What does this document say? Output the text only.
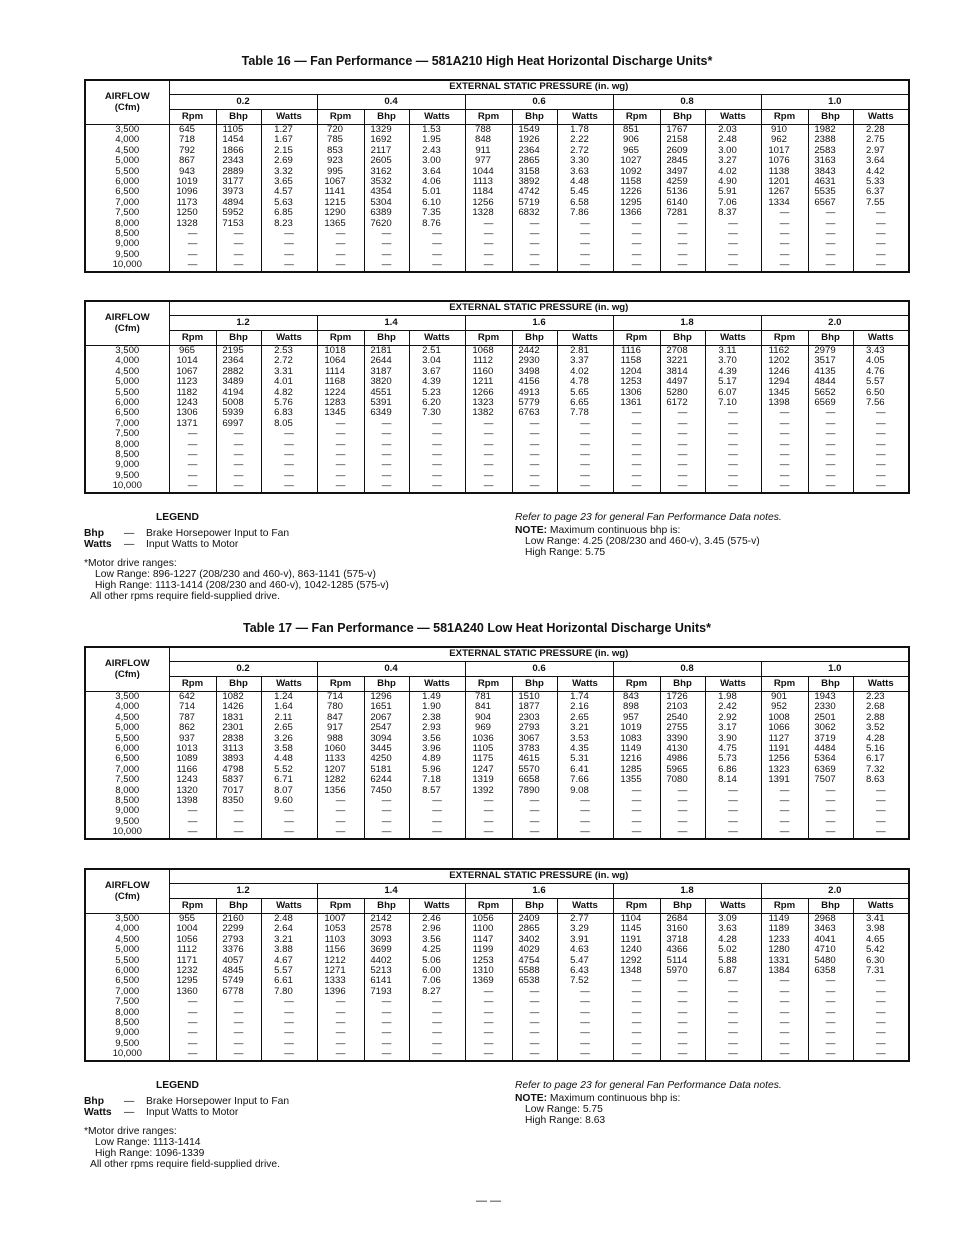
Table 16 — Fan Performance — 581A210 High Heat Horizontal Discharge Units*
AIRFLOW
(Cfm)	EXTERNAL STATIC PRESSURE (in. wg)														
	0.2			0.4			0.6			0.8			1.0		
	Rpm	Bhp	Watts	Rpm	Bhp	Watts	Rpm	Bhp	Watts	Rpm	Bhp	Watts	Rpm	Bhp	Watts
3,500	645	1105	1.27	720	1329	1.53	788	1549	1.78	851	1767	2.03	910	1982	2.28
4,000	718	1454	1.67	785	1692	1.95	848	1926	2.22	906	2158	2.48	962	2388	2.75
4,500	792	1866	2.15	853	2117	2.43	911	2364	2.72	965	2609	3.00	1017	2583	2.97
5,000	867	2343	2.69	923	2605	3.00	977	2865	3.30	1027	2845	3.27	1076	3163	3.64
5,500	943	2889	3.32	995	3162	3.64	1044	3158	3.63	1092	3497	4.02	1138	3843	4.42
6,000	1019	3177	3.65	1067	3532	4.06	1113	3892	4.48	1158	4259	4.90	1201	4631	5.33
6,500	1096	3973	4.57	1141	4354	5.01	1184	4742	5.45	1226	5136	5.91	1267	5535	6.37
7,000	1173	4894	5.63	1215	5304	6.10	1256	5719	6.58	1295	6140	7.06	1334	6567	7.55
7,500	1250	5952	6.85	1290	6389	7.35	1328	6832	7.86	1366	7281	8.37	—	—	—
8,000	1328	7153	8.23	1365	7620	8.76	—	—	—	—	—	—	—	—	—
8,500	—	—	—	—	—	—	—	—	—	—	—	—	—	—	—
9,000	—	—	—	—	—	—	—	—	—	—	—	—	—	—	—
9,500	—	—	—	—	—	—	—	—	—	—	—	—	—	—	—
10,000	—	—	—	—	—	—	—	—	—	—	—	—	—	—	—
AIRFLOW
(Cfm)	EXTERNAL STATIC PRESSURE (in. wg)														
	1.2			1.4			1.6			1.8			2.0		
	Rpm	Bhp	Watts	Rpm	Bhp	Watts	Rpm	Bhp	Watts	Rpm	Bhp	Watts	Rpm	Bhp	Watts
3,500	965	2195	2.53	1018	2181	2.51	1068	2442	2.81	1116	2708	3.11	1162	2979	3.43
4,000	1014	2364	2.72	1064	2644	3.04	1112	2930	3.37	1158	3221	3.70	1202	3517	4.05
4,500	1067	2882	3.31	1114	3187	3.67	1160	3498	4.02	1204	3814	4.39	1246	4135	4.76
5,000	1123	3489	4.01	1168	3820	4.39	1211	4156	4.78	1253	4497	5.17	1294	4844	5.57
5,500	1182	4194	4.82	1224	4551	5.23	1266	4913	5.65	1306	5280	6.07	1345	5652	6.50
6,000	1243	5008	5.76	1283	5391	6.20	1323	5779	6.65	1361	6172	7.10	1398	6569	7.56
6,500	1306	5939	6.83	1345	6349	7.30	1382	6763	7.78	—	—	—	—	—	—
7,000	1371	6997	8.05	—	—	—	—	—	—	—	—	—	—	—	—
7,500	—	—	—	—	—	—	—	—	—	—	—	—	—	—	—
8,000	—	—	—	—	—	—	—	—	—	—	—	—	—	—	—
8,500	—	—	—	—	—	—	—	—	—	—	—	—	—	—	—
9,000	—	—	—	—	—	—	—	—	—	—	—	—	—	—	—
9,500	—	—	—	—	—	—	—	—	—	—	—	—	—	—	—
10,000	—	—	—	—	—	—	—	—	—	—	—	—	—	—	—
LEGEND
Bhp — Brake Horsepower Input to Fan
Watts — Input Watts to Motor
*Motor drive ranges:
Low Range: 896-1227 (208/230 and 460-v), 863-1141 (575-v)
High Range: 1113-1414 (208/230 and 460-v), 1042-1285 (575-v)
All other rpms require field-supplied drive.
Refer to page 23 for general Fan Performance Data notes.
NOTE: Maximum continuous bhp is:
Low Range: 4.25 (208/230 and 460-v), 3.45 (575-v)
High Range: 5.75
Table 17 — Fan Performance — 581A240 Low Heat Horizontal Discharge Units*
AIRFLOW
(Cfm)	EXTERNAL STATIC PRESSURE (in. wg)														
	0.2			0.4			0.6			0.8			1.0		
	Rpm	Bhp	Watts	Rpm	Bhp	Watts	Rpm	Bhp	Watts	Rpm	Bhp	Watts	Rpm	Bhp	Watts
3,500	642	1082	1.24	714	1296	1.49	781	1510	1.74	843	1726	1.98	901	1943	2.23
4,000	714	1426	1.64	780	1651	1.90	841	1877	2.16	898	2103	2.42	952	2330	2.68
4,500	787	1831	2.11	847	2067	2.38	904	2303	2.65	957	2540	2.92	1008	2501	2.88
5,000	862	2301	2.65	917	2547	2.93	969	2793	3.21	1019	2755	3.17	1066	3062	3.52
5,500	937	2838	3.26	988	3094	3.56	1036	3067	3.53	1083	3390	3.90	1127	3719	4.28
6,000	1013	3113	3.58	1060	3445	3.96	1105	3783	4.35	1149	4130	4.75	1191	4484	5.16
6,500	1089	3893	4.48	1133	4250	4.89	1175	4615	5.31	1216	4986	5.73	1256	5364	6.17
7,000	1166	4798	5.52	1207	5181	5.96	1247	5570	6.41	1285	5965	6.86	1323	6369	7.32
7,500	1243	5837	6.71	1282	6244	7.18	1319	6658	7.66	1355	7080	8.14	1391	7507	8.63
8,000	1320	7017	8.07	1356	7450	8.57	1392	7890	9.08	—	—	—	—	—	—
8,500	1398	8350	9.60	—	—	—	—	—	—	—	—	—	—	—	—
9,000	—	—	—	—	—	—	—	—	—	—	—	—	—	—	—
9,500	—	—	—	—	—	—	—	—	—	—	—	—	—	—	—
10,000	—	—	—	—	—	—	—	—	—	—	—	—	—	—	—
AIRFLOW
(Cfm)	EXTERNAL STATIC PRESSURE (in. wg)														
	1.2			1.4			1.6			1.8			2.0		
	Rpm	Bhp	Watts	Rpm	Bhp	Watts	Rpm	Bhp	Watts	Rpm	Bhp	Watts	Rpm	Bhp	Watts
3,500	955	2160	2.48	1007	2142	2.46	1056	2409	2.77	1104	2684	3.09	1149	2968	3.41
4,000	1004	2299	2.64	1053	2578	2.96	1100	2865	3.29	1145	3160	3.63	1189	3463	3.98
4,500	1056	2793	3.21	1103	3093	3.56	1147	3402	3.91	1191	3718	4.28	1233	4041	4.65
5,000	1112	3376	3.88	1156	3699	4.25	1199	4029	4.63	1240	4366	5.02	1280	4710	5.42
5,500	1171	4057	4.67	1212	4402	5.06	1253	4754	5.47	1292	5114	5.88	1331	5480	6.30
6,000	1232	4845	5.57	1271	5213	6.00	1310	5588	6.43	1348	5970	6.87	1384	6358	7.31
6,500	1295	5749	6.61	1333	6141	7.06	1369	6538	7.52	—	—	—	—	—	—
7,000	1360	6778	7.80	1396	7193	8.27	—	—	—	—	—	—	—	—	—
7,500	—	—	—	—	—	—	—	—	—	—	—	—	—	—	—
8,000	—	—	—	—	—	—	—	—	—	—	—	—	—	—	—
8,500	—	—	—	—	—	—	—	—	—	—	—	—	—	—	—
9,000	—	—	—	—	—	—	—	—	—	—	—	—	—	—	—
9,500	—	—	—	—	—	—	—	—	—	—	—	—	—	—	—
10,000	—	—	—	—	—	—	—	—	—	—	—	—	—	—	—
LEGEND
Bhp — Brake Horsepower Input to Fan
Watts — Input Watts to Motor
*Motor drive ranges:
Low Range: 1113-1414
High Range: 1096-1339
All other rpms require field-supplied drive.
Refer to page 23 for general Fan Performance Data notes.
NOTE: Maximum continuous bhp is:
Low Range: 5.75
High Range: 8.63
— —
